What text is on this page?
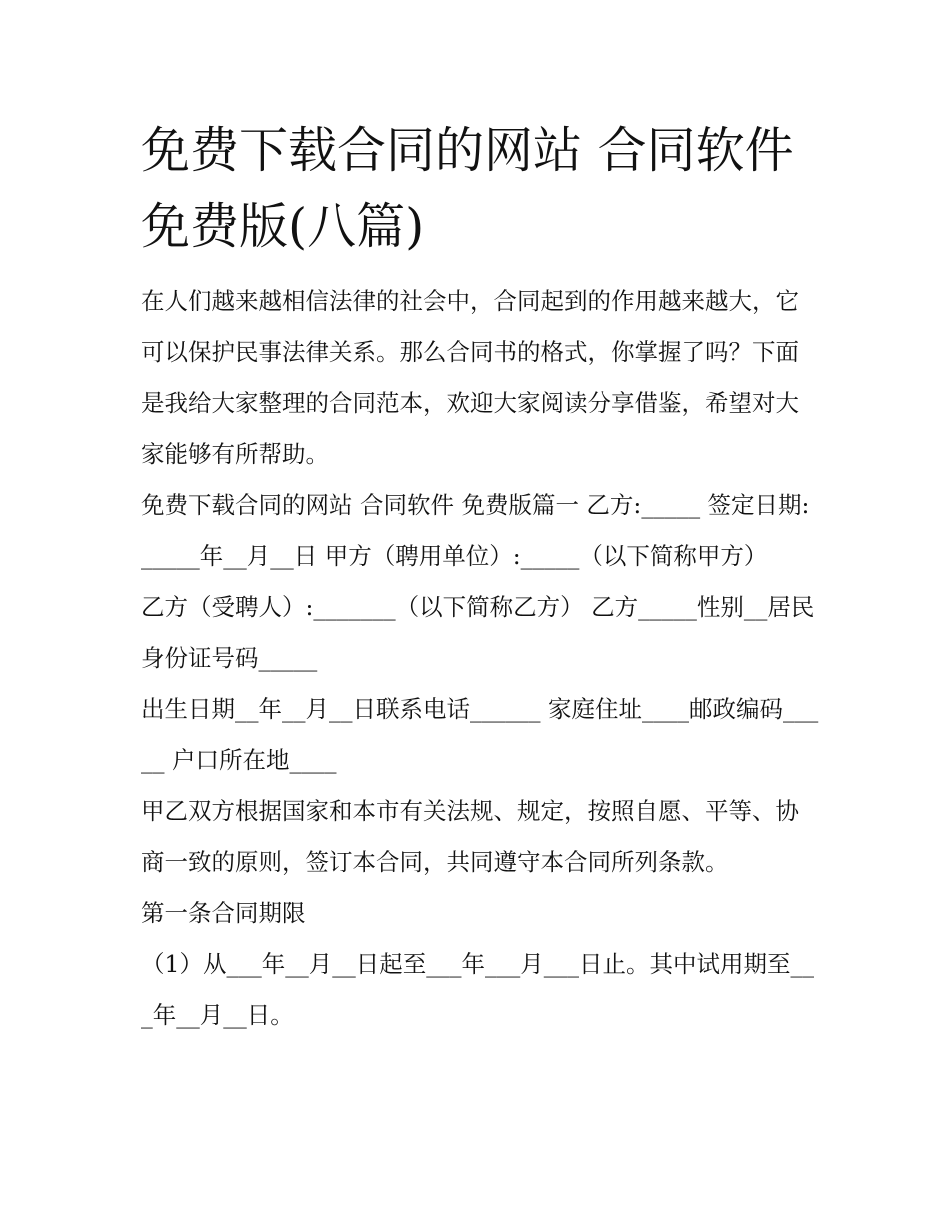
免费下载合同的网站 合同软件免费版(八篇)

在人们越来越相信法律的社会中，合同起到的作用越来越大，它可以保护民事法律关系。那么合同书的格式，你掌握了吗？下面是我给大家整理的合同范本，欢迎大家阅读分享借鉴，希望对大家能够有所帮助。

免费下载合同的网站 合同软件 免费版篇一 乙方:_____ 签定日期:_____年__月__日 甲方（聘用单位）:_____（以下简称甲方）

乙方（受聘人）:_______（以下简称乙方） 乙方_____性别__居民身份证号码_____

出生日期__年__月__日联系电话______ 家庭住址____邮政编码_____ 户口所在地____

甲乙双方根据国家和本市有关法规、规定，按照自愿、平等、协商一致的原则，签订本合同，共同遵守本合同所列条款。

第一条合同期限

（1）从___年__月__日起至___年___月___日止。其中试用期至___年__月__日。
